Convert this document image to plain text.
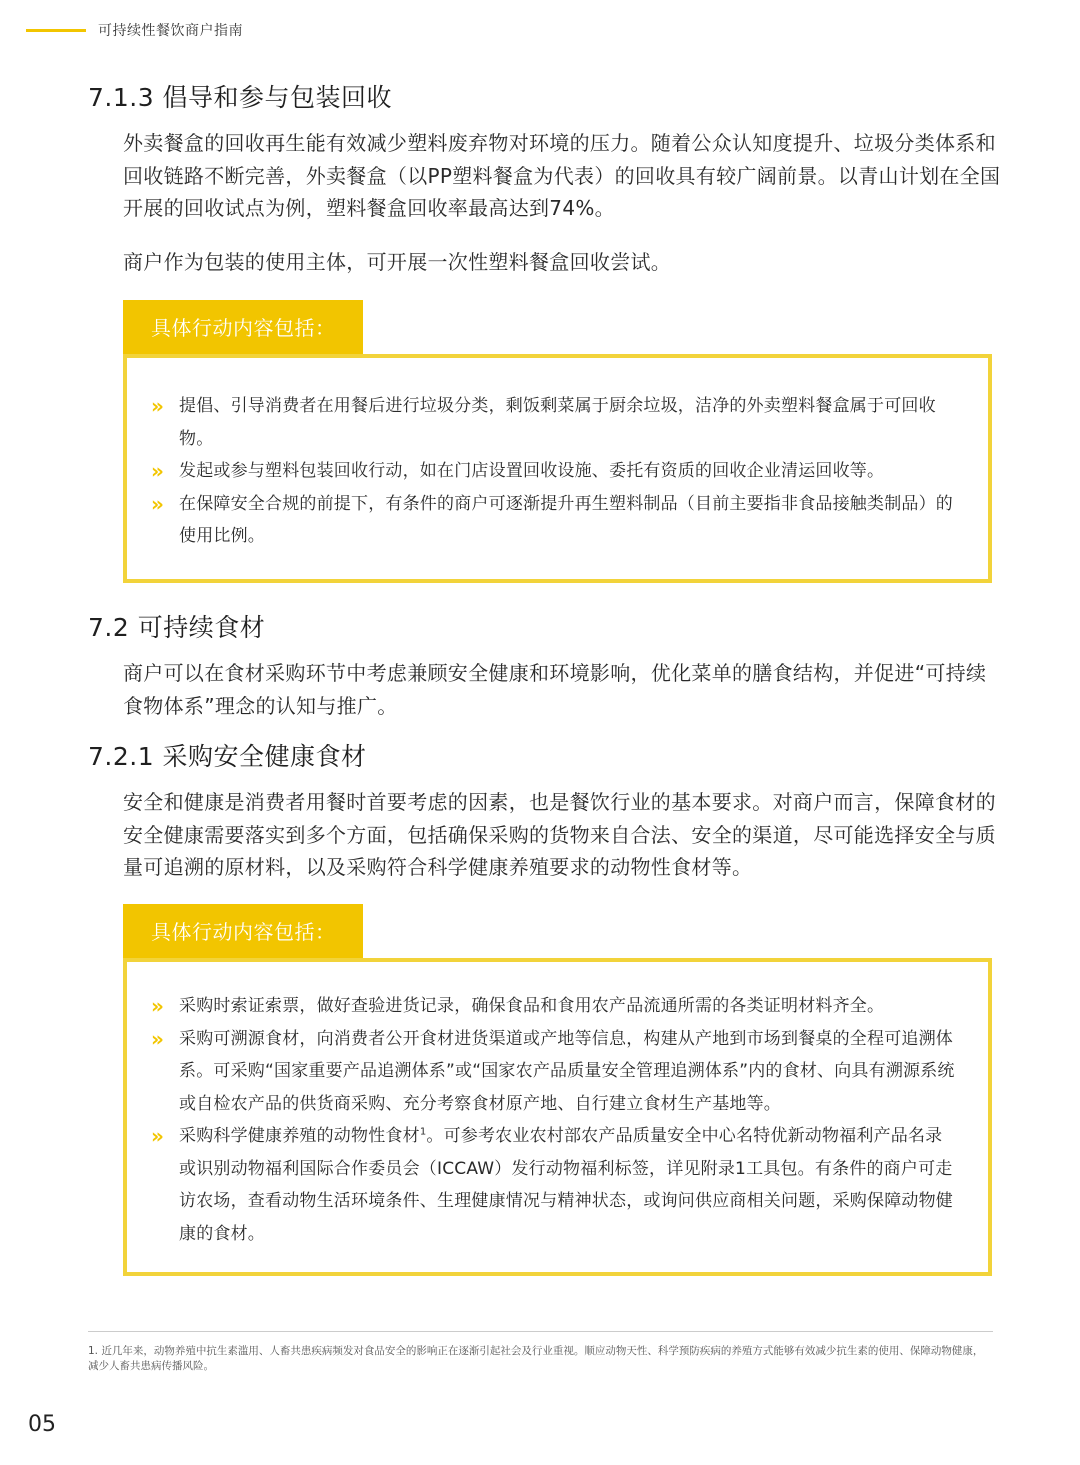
可持续性餐饮商户指南
7.1.3 倡导和参与包装回收

外卖餐盒的回收再生能有效减少塑料废弃物对环境的压力。随着公众认知度提升、垃圾分类体系和回收链路不断完善，外卖餐盒（以PP塑料餐盒为代表）的回收具有较广阔前景。以青山计划在全国开展的回收试点为例，塑料餐盒回收率最高达到74%。

商户作为包装的使用主体，可开展一次性塑料餐盒回收尝试。

具体行动内容包括：
» 提倡、引导消费者在用餐后进行垃圾分类，剩饭剩菜属于厨余垃圾，洁净的外卖塑料餐盒属于可回收物。
» 发起或参与塑料包装回收行动，如在门店设置回收设施、委托有资质的回收企业清运回收等。
» 在保障安全合规的前提下，有条件的商户可逐渐提升再生塑料制品（目前主要指非食品接触类制品）的使用比例。
7.2 可持续食材

商户可以在食材采购环节中考虑兼顾安全健康和环境影响，优化菜单的膳食结构，并促进“可持续食物体系”理念的认知与推广。

7.2.1 采购安全健康食材

安全和健康是消费者用餐时首要考虑的因素，也是餐饮行业的基本要求。对商户而言，保障食材的安全健康需要落实到多个方面，包括确保采购的货物来自合法、安全的渠道，尽可能选择安全与质量可追溯的原材料，以及采购符合科学健康养殖要求的动物性食材等。

具体行动内容包括：
» 采购时索证索票，做好查验进货记录，确保食品和食用农产品流通所需的各类证明材料齐全。
» 采购可溯源食材，向消费者公开食材进货渠道或产地等信息，构建从产地到市场到餐桌的全程可追溯体系。可采购“国家重要产品追溯体系”或“国家农产品质量安全管理追溯体系”内的食材、向具有溯源系统或自检农产品的供货商采购、充分考察食材原产地、自行建立食材生产基地等。
» 采购科学健康养殖的动物性食材$^1$。可参考农业农村部农产品质量安全中心名特优新动物福利产品名录或识别动物福利国际合作委员会（ICCAW）发行动物福利标签，详见附录1工具包。有条件的商户可走访农场，查看动物生活环境条件、生理健康情况与精神状态，或询问供应商相关问题，采购保障动物健康的食材。

1. 近几年来，动物养殖中抗生素滥用、人畜共患疾病频发对食品安全的影响正在逐渐引起社会及行业重视。顺应动物天性、科学预防疾病的养殖方式能够有效减少抗生素的使用、保障动物健康，减少人畜共患病传播风险。

05
